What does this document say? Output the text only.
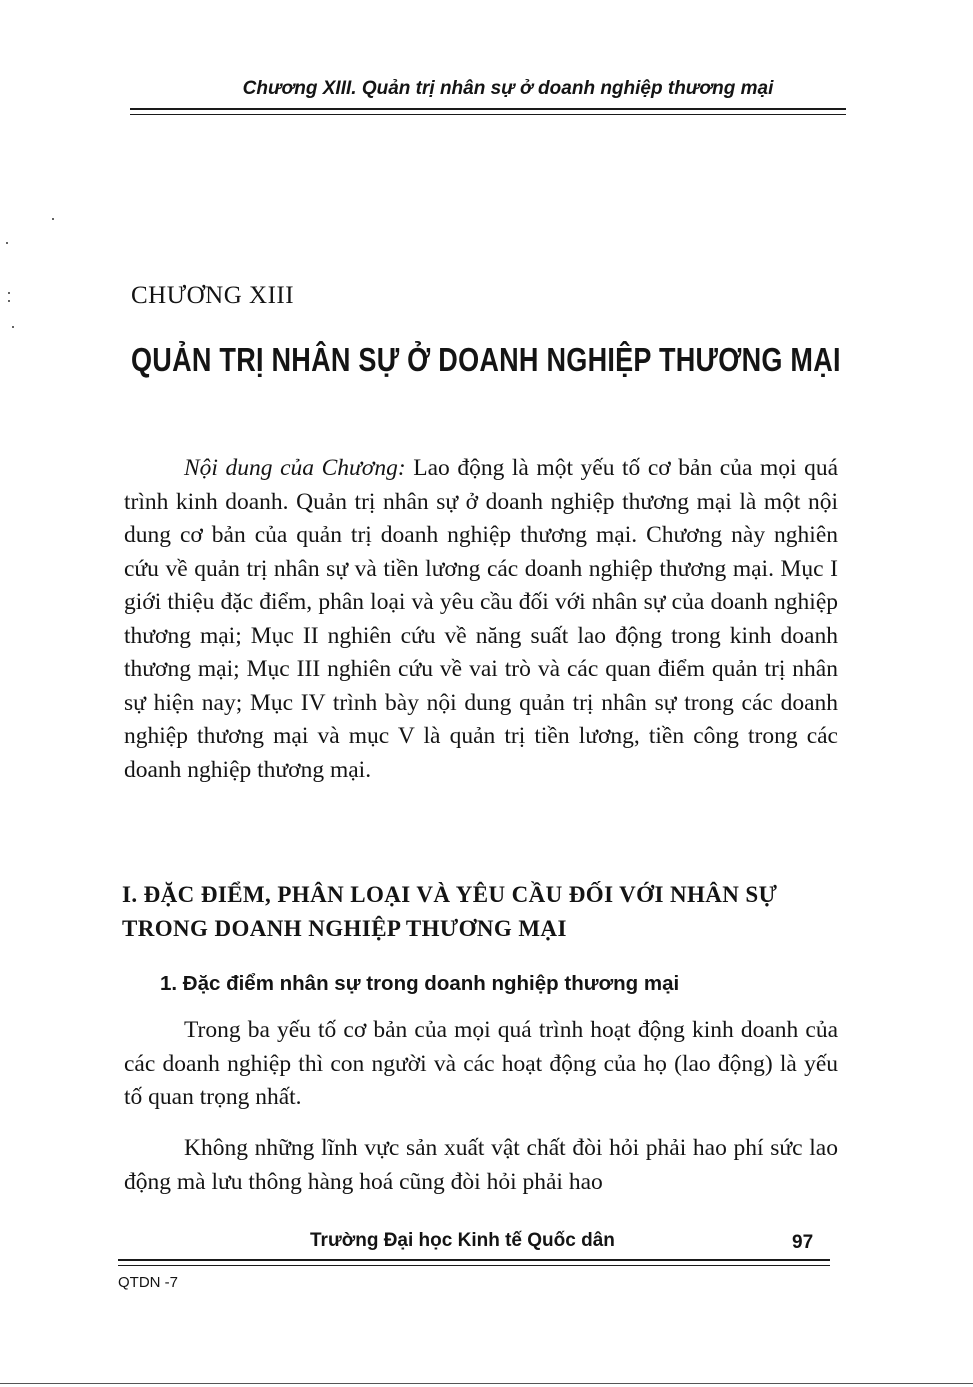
Chương XIII. Quản trị nhân sự ở doanh nghiệp thương mại
CHƯƠNG XIII
QUẢN TRỊ NHÂN SỰ Ở DOANH NGHIỆP THƯƠNG MẠI

Nội dung của Chương: Lao động là một yếu tố cơ bản của mọi quá trình kinh doanh. Quản trị nhân sự ở doanh nghiệp thương mại là một nội dung cơ bản của quản trị doanh nghiệp thương mại. Chương này nghiên cứu về quản trị nhân sự và tiền lương các doanh nghiệp thương mại. Mục I giới thiệu đặc điểm, phân loại và yêu cầu đối với nhân sự của doanh nghiệp thương mại; Mục II nghiên cứu về năng suất lao động trong kinh doanh thương mại; Mục III nghiên cứu về vai trò và các quan điểm quản trị nhân sự hiện nay; Mục IV trình bày nội dung quản trị nhân sự trong các doanh nghiệp thương mại và mục V là quản trị tiền lương, tiền công trong các doanh nghiệp thương mại.

I. ĐẶC ĐIỂM, PHÂN LOẠI VÀ YÊU CẦU ĐỐI VỚI NHÂN SỰ TRONG DOANH NGHIỆP THƯƠNG MẠI
1. Đặc điểm nhân sự trong doanh nghiệp thương mại

Trong ba yếu tố cơ bản của mọi quá trình hoạt động kinh doanh của các doanh nghiệp thì con người và các hoạt động của họ (lao động) là yếu tố quan trọng nhất.

Không những lĩnh vực sản xuất vật chất đòi hỏi phải hao phí sức lao động mà lưu thông hàng hoá cũng đòi hỏi phải hao

Trường Đại học Kinh tế Quốc dân	97
QTDN -7
